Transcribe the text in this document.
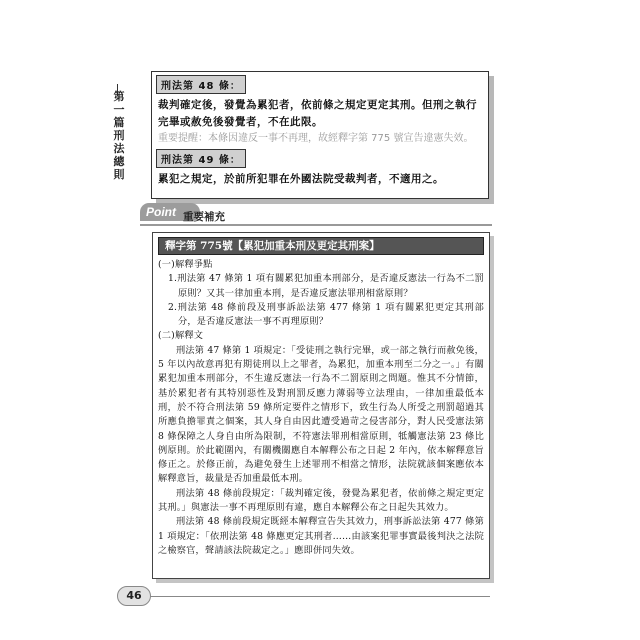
第一篇　刑法總則
刑法第 48 條：
裁判確定後，發覺為累犯者，依前條之規定更定其刑。但刑之執行完畢或赦免後發覺者，不在此限。
重要提醒：本條因違反一事不再理，故經釋字第 775 號宣告違憲失效。
刑法第 49 條：
累犯之規定，於前所犯罪在外國法院受裁判者，不適用之。
Point 重要補充
釋字第 775號【累犯加重本刑及更定其刑案】

(一)解釋爭點

1.刑法第 47 條第 1 項有關累犯加重本刑部分，是否違反憲法一行為不二罰原則？又其一律加重本刑，是否違反憲法罪刑相當原則？

2.刑法第 48 條前段及刑事訴訟法第 477 條第 1 項有關累犯更定其刑部分，是否違反憲法一事不再理原則？

(二)解釋文

刑法第 47 條第 1 項規定：「受徒刑之執行完畢，或一部之執行而赦免後，5 年以內故意再犯有期徒刑以上之罪者，為累犯，加重本刑至二分之一。」有關累犯加重本刑部分，不生違反憲法一行為不二罰原則之問題。惟其不分情節，基於累犯者有其特別惡性及對刑罰反應力薄弱等立法理由，一律加重最低本刑，於不符合刑法第 59 條所定要件之情形下，致生行為人所受之刑罰超過其所應負擔罪責之個案，其人身自由因此遭受過苛之侵害部分，對人民受憲法第 8 條保障之人身自由所為限制，不符憲法罪刑相當原則，牴觸憲法第 23 條比例原則。於此範圍內，有關機關應自本解釋公布之日起 2 年內，依本解釋意旨修正之。於修正前，為避免發生上述罪刑不相當之情形，法院就該個案應依本解釋意旨，裁量是否加重最低本刑。

刑法第 48 條前段規定：「裁判確定後，發覺為累犯者，依前條之規定更定其刑。」與憲法一事不再理原則有違，應自本解釋公布之日起失其效力。

刑法第 48 條前段規定既經本解釋宣告失其效力，刑事訴訟法第 477 條第 1 項規定：「依刑法第 48 條應更定其刑者……由該案犯罪事實最後判決之法院之檢察官，聲請該法院裁定之。」應即併同失效。

46
